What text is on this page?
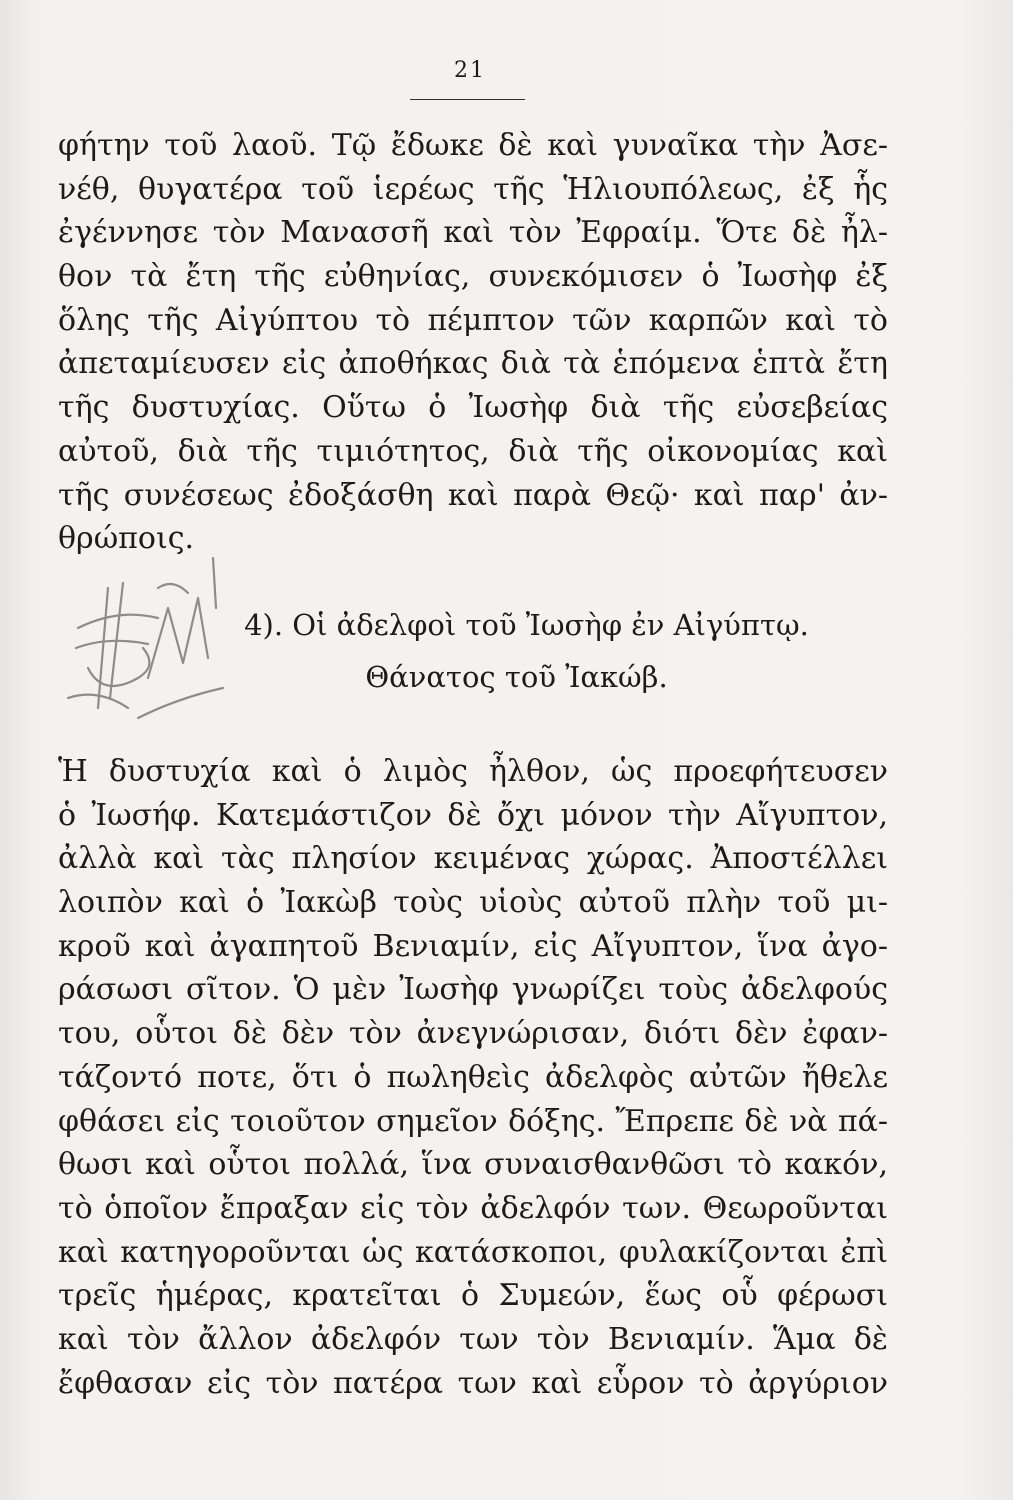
21
φήτην τοῦ λαοῦ. Τῷ ἔδωκε δὲ καὶ γυναῖκα τὴν Ἀσε-
νέθ, θυγατέρα τοῦ ἱερέως τῆς Ἡλιουπόλεως, ἐξ ἧς
ἐγέννησε τὸν Μανασσῆ καὶ τὸν Ἐφραίμ. Ὅτε δὲ ἦλ-
θον τὰ ἔτη τῆς εὐθηνίας, συνεκόμισεν ὁ Ἰωσὴφ ἐξ
ὅλης τῆς Αἰγύπτου τὸ πέμπτον τῶν καρπῶν καὶ τὸ
ἀπεταμίευσεν εἰς ἀποθήκας διὰ τὰ ἑπόμενα ἑπτὰ ἔτη
τῆς δυστυχίας. Οὕτω ὁ Ἰωσὴφ διὰ τῆς εὐσεβείας
αὐτοῦ, διὰ τῆς τιμιότητος, διὰ τῆς οἰκονομίας καὶ
τῆς συνέσεως ἐδοξάσθη καὶ παρὰ Θεῷ· καὶ παρ' ἀν-
θρώποις.
4). Οἱ ἀδελφοὶ τοῦ Ἰωσὴφ ἐν Αἰγύπτῳ.
Θάνατος τοῦ Ἰακώβ.
Ἡ δυστυχία καὶ ὁ λιμὸς ἦλθον, ὡς προεφήτευσεν
ὁ Ἰωσήφ. Κατεμάστιζον δὲ ὄχι μόνον τὴν Αἴγυπτον,
ἀλλὰ καὶ τὰς πλησίον κειμένας χώρας. Ἀποστέλλει
λοιπὸν καὶ ὁ Ἰακὼβ τοὺς υἱοὺς αὐτοῦ πλὴν τοῦ μι-
κροῦ καὶ ἀγαπητοῦ Βενιαμίν, εἰς Αἴγυπτον, ἵνα ἀγο-
ράσωσι σῖτον. Ὁ μὲν Ἰωσὴφ γνωρίζει τοὺς ἀδελφούς
του, οὗτοι δὲ δὲν τὸν ἀνεγνώρισαν, διότι δὲν ἐφαν-
τάζοντό ποτε, ὅτι ὁ πωληθεὶς ἀδελφὸς αὐτῶν ἤθελε
φθάσει εἰς τοιοῦτον σημεῖον δόξης. Ἔπρεπε δὲ νὰ πά-
θωσι καὶ οὗτοι πολλά, ἵνα συναισθανθῶσι τὸ κακόν,
τὸ ὁποῖον ἔπραξαν εἰς τὸν ἀδελφόν των. Θεωροῦνται
καὶ κατηγοροῦνται ὡς κατάσκοποι, φυλακίζονται ἐπὶ
τρεῖς ἡμέρας, κρατεῖται ὁ Συμεών, ἕως οὗ φέρωσι
καὶ τὸν ἄλλον ἀδελφόν των τὸν Βενιαμίν. Ἅμα δὲ
ἔφθασαν εἰς τὸν πατέρα των καὶ εὗρον τὸ ἀργύριον
